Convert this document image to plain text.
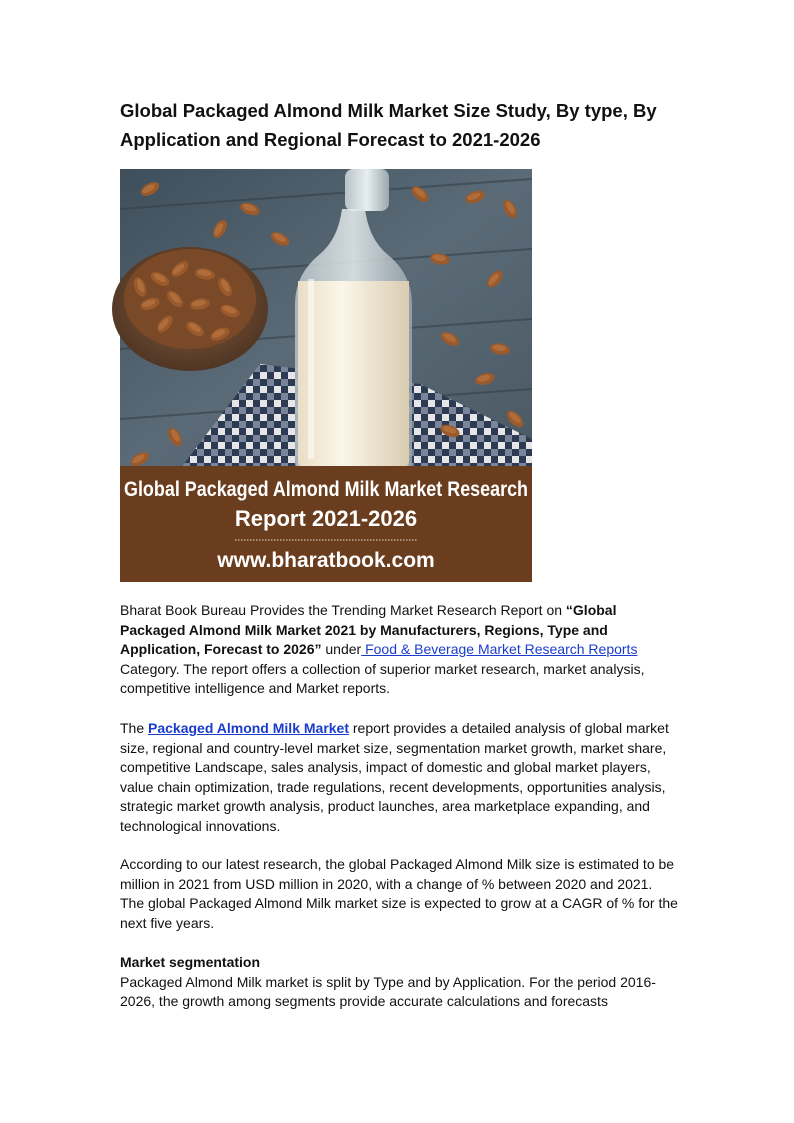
Global Packaged Almond Milk Market Size Study, By type, By Application and Regional Forecast to 2021-2026
Global Packaged Almond Milk Market Research
Report 2021-2026
www.bharatbook.com

Bharat Book Bureau Provides the Trending Market Research Report on “Global Packaged Almond Milk Market 2021 by Manufacturers, Regions, Type and Application, Forecast to 2026” under Food & Beverage Market Research Reports
Category. The report offers a collection of superior market research, market analysis, competitive intelligence and Market reports.

The Packaged Almond Milk Market report provides a detailed analysis of global market size, regional and country-level market size, segmentation market growth, market share, competitive Landscape, sales analysis, impact of domestic and global market players, value chain optimization, trade regulations, recent developments, opportunities analysis, strategic market growth analysis, product launches, area marketplace expanding, and technological innovations.

According to our latest research, the global Packaged Almond Milk size is estimated to be million in 2021 from USD million in 2020, with a change of % between 2020 and 2021. The global Packaged Almond Milk market size is expected to grow at a CAGR of % for the next five years.

Market segmentation
Packaged Almond Milk market is split by Type and by Application. For the period 2016-2026, the growth among segments provide accurate calculations and forecasts
